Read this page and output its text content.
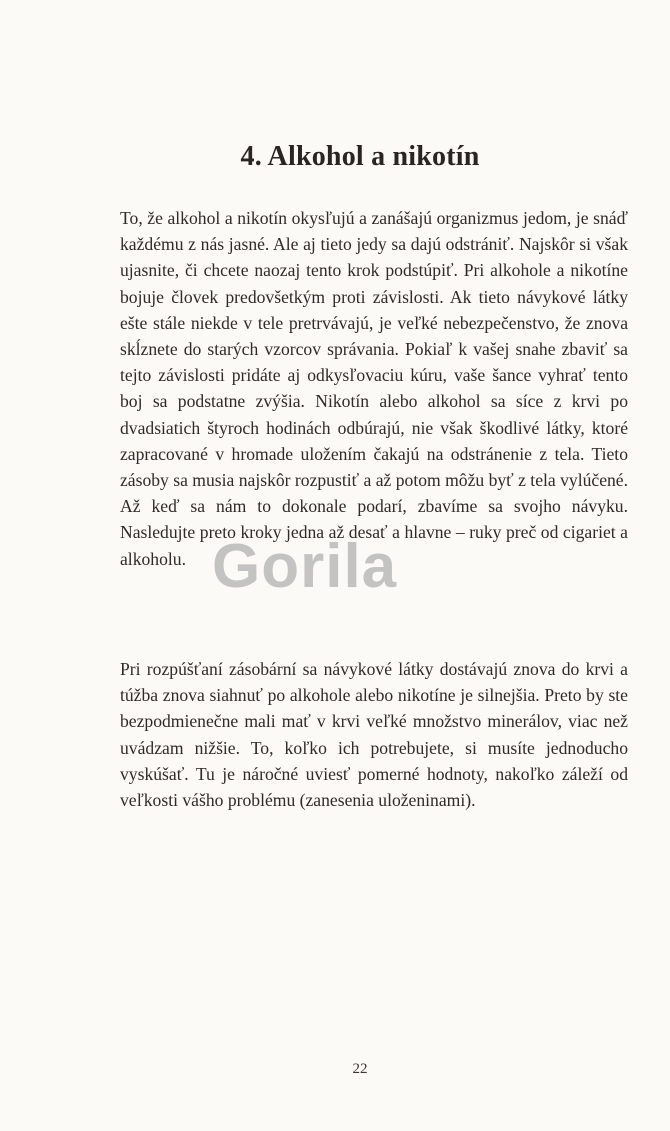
4. Alkohol a nikotín

To, že alkohol a nikotín okysľujú a zanášajú organizmus jedom, je snáď každému z nás jasné. Ale aj tieto jedy sa dajú odstrániť. Najskôr si však ujasnite, či chcete naozaj tento krok podstúpiť. Pri alkohole a nikotíne bojuje človek predovšetkým proti závislosti. Ak tieto návykové látky ešte stále niekde v tele pretrvávajú, je veľké nebezpečenstvo, že znova skĺznete do starých vzorcov správania. Pokiaľ k vašej snahe zbaviť sa tejto závislosti pridáte aj odkysľovaciu kúru, vaše šance vyhrať tento boj sa podstatne zvýšia. Nikotín alebo alkohol sa síce z krvi po dvadsiatich štyroch hodinách odbúrajú, nie však škodlivé látky, ktoré zapracované v hromade uložením čakajú na odstránenie z tela. Tieto zásoby sa musia najskôr rozpustiť a až potom môžu byť z tela vylúčené. Až keď sa nám to dokonale podarí, zbavíme sa svojho návyku. Nasledujte preto kroky jedna až desať a hlavne – ruky preč od cigariet a alkoholu.

Pri rozpúšťaní zásobární sa návykové látky dostávajú znova do krvi a túžba znova siahnuť po alkohole alebo nikotíne je silnejšia. Preto by ste bezpodmienečne mali mať v krvi veľké množstvo minerálov, viac než uvádzam nižšie. To, koľko ich potrebujete, si musíte jednoducho vyskúšať. Tu je náročné uviesť pomerné hodnoty, nakoľko záleží od veľkosti vášho problému (zanesenia uloženinami).

Gorila
22
